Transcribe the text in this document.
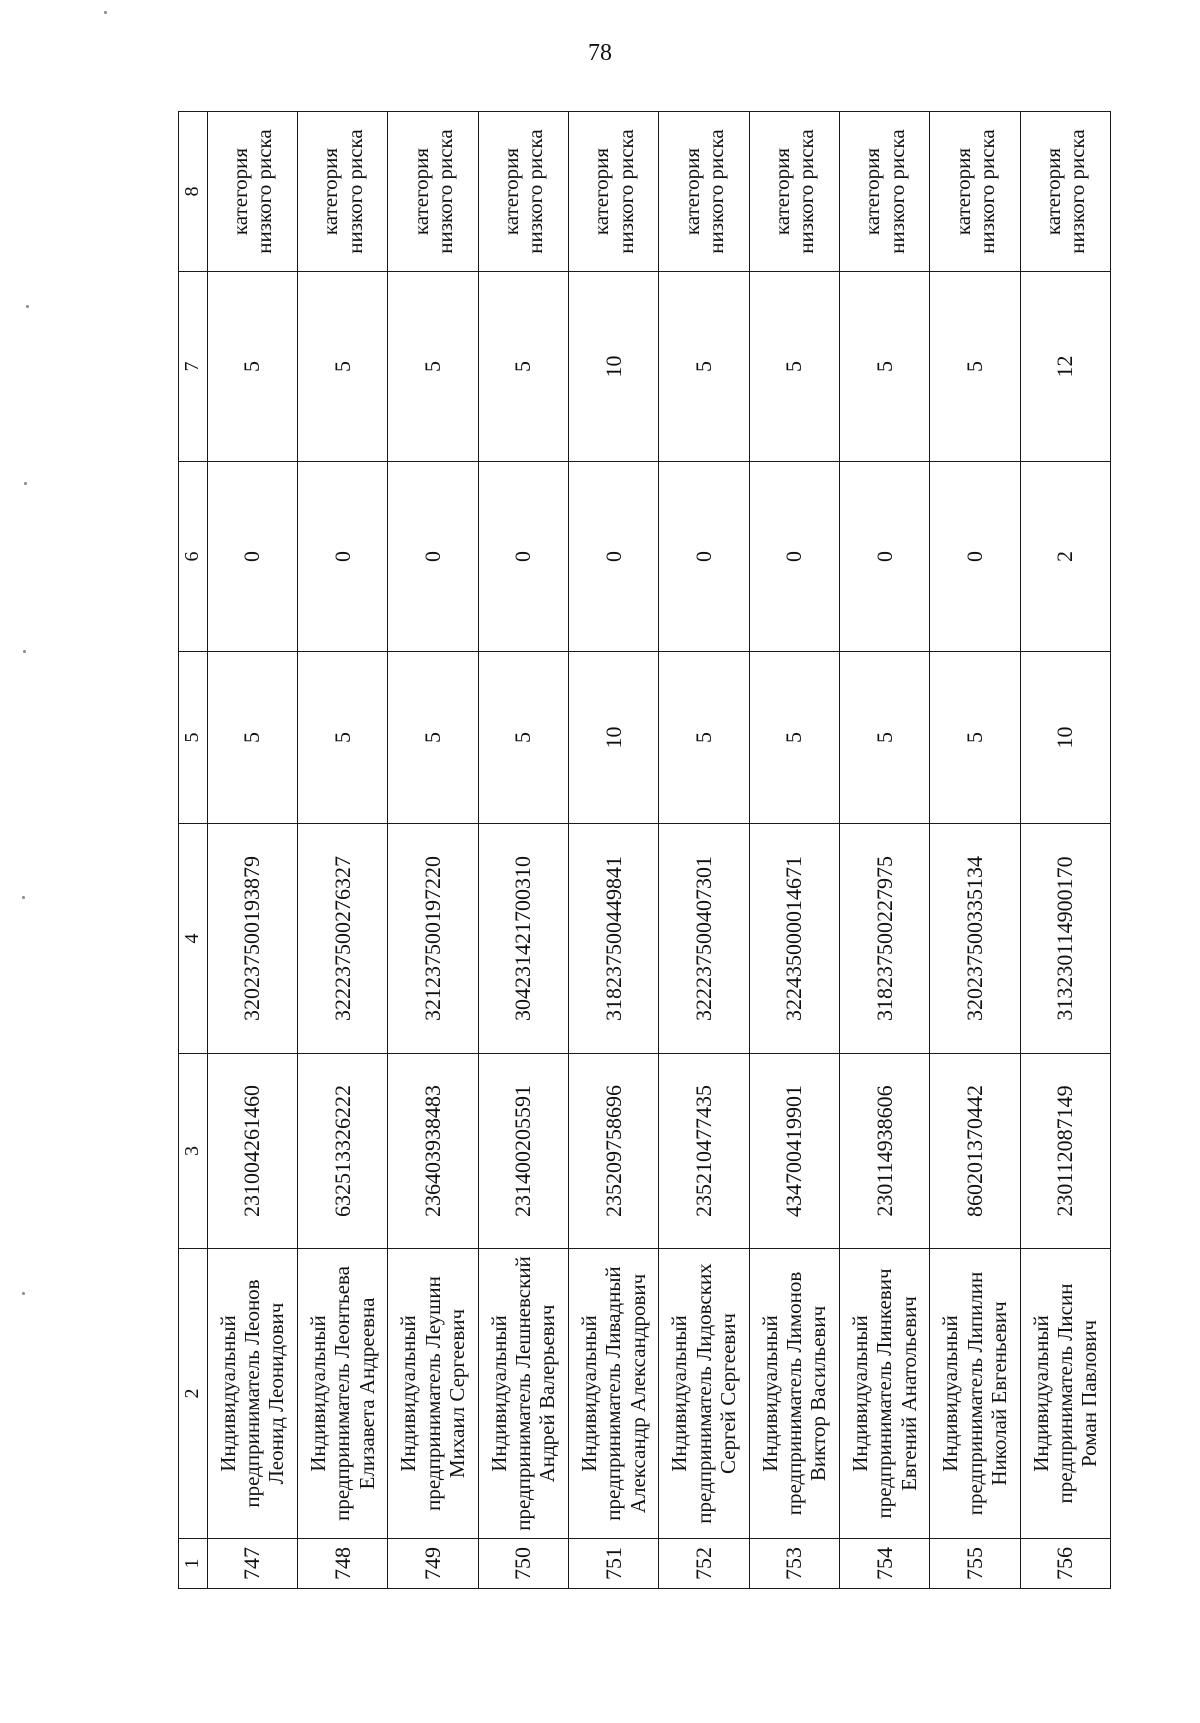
78
1	2	3	4	5	6	7	8
747	Индивидуальный
предприниматель Леонов
Леонид Леонидович	231004261460	320237500193879	5	0	5	категория
низкого риска
748	Индивидуальный
предприниматель Леонтьева
Елизавета Андреевна	632513326222	322237500276327	5	0	5	категория
низкого риска
749	Индивидуальный
предприниматель Леушин
Михаил Сергеевич	236403938483	321237500197220	5	0	5	категория
низкого риска
750	Индивидуальный
предприниматель Лешневский
Андрей Валерьевич	231400205591	304231421700310	5	0	5	категория
низкого риска
751	Индивидуальный
предприниматель Ливадный
Александр Александрович	235209758696	318237500449841	10	0	10	категория
низкого риска
752	Индивидуальный
предприниматель Лидовских
Сергей Сергеевич	235210477435	322237500407301	5	0	5	категория
низкого риска
753	Индивидуальный
предприниматель Лимонов
Виктор Васильевич	434700419901	322435000014671	5	0	5	категория
низкого риска
754	Индивидуальный
предприниматель Линкевич
Евгений Анатольевич	230114938606	318237500227975	5	0	5	категория
низкого риска
755	Индивидуальный
предприниматель Липилин
Николай Евгеньевич	860201370442	320237500335134	5	0	5	категория
низкого риска
756	Индивидуальный
предприниматель Лисин
Роман Павлович	230112087149	313230114900170	10	2	12	категория
низкого риска
